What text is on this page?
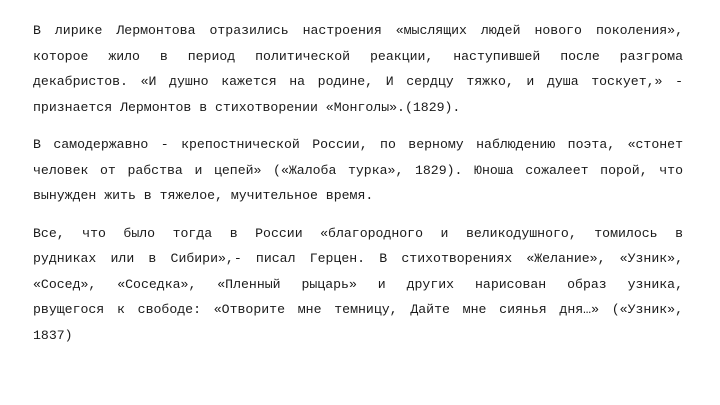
В лирике Лермонтова отразились настроения «мыслящих людей нового поколения»,
которое жило в период политической реакции, наступившей после разгрома
декабристов. «И душно кажется на родине, И сердцу тяжко, и душа тоскует,» -
признается Лермонтов в стихотворении «Монголы».(1829).
В самодержавно - крепостнической России, по верному наблюдению поэта, «стонет
человек от рабства и цепей» («Жалоба турка», 1829). Юноша сожалеет порой, что
вынужден жить в тяжелое, мучительное время.
Все, что было тогда в России «благородного и великодушного, томилось в
рудниках или в Сибири»,- писал Герцен. В стихотворениях «Желание», «Узник»,
«Сосед», «Соседка», «Пленный рыцарь» и других нарисован образ узника,
рвущегося к свободе: «Отворите мне темницу, Дайте мне сиянья дня…» («Узник»,
1837)
